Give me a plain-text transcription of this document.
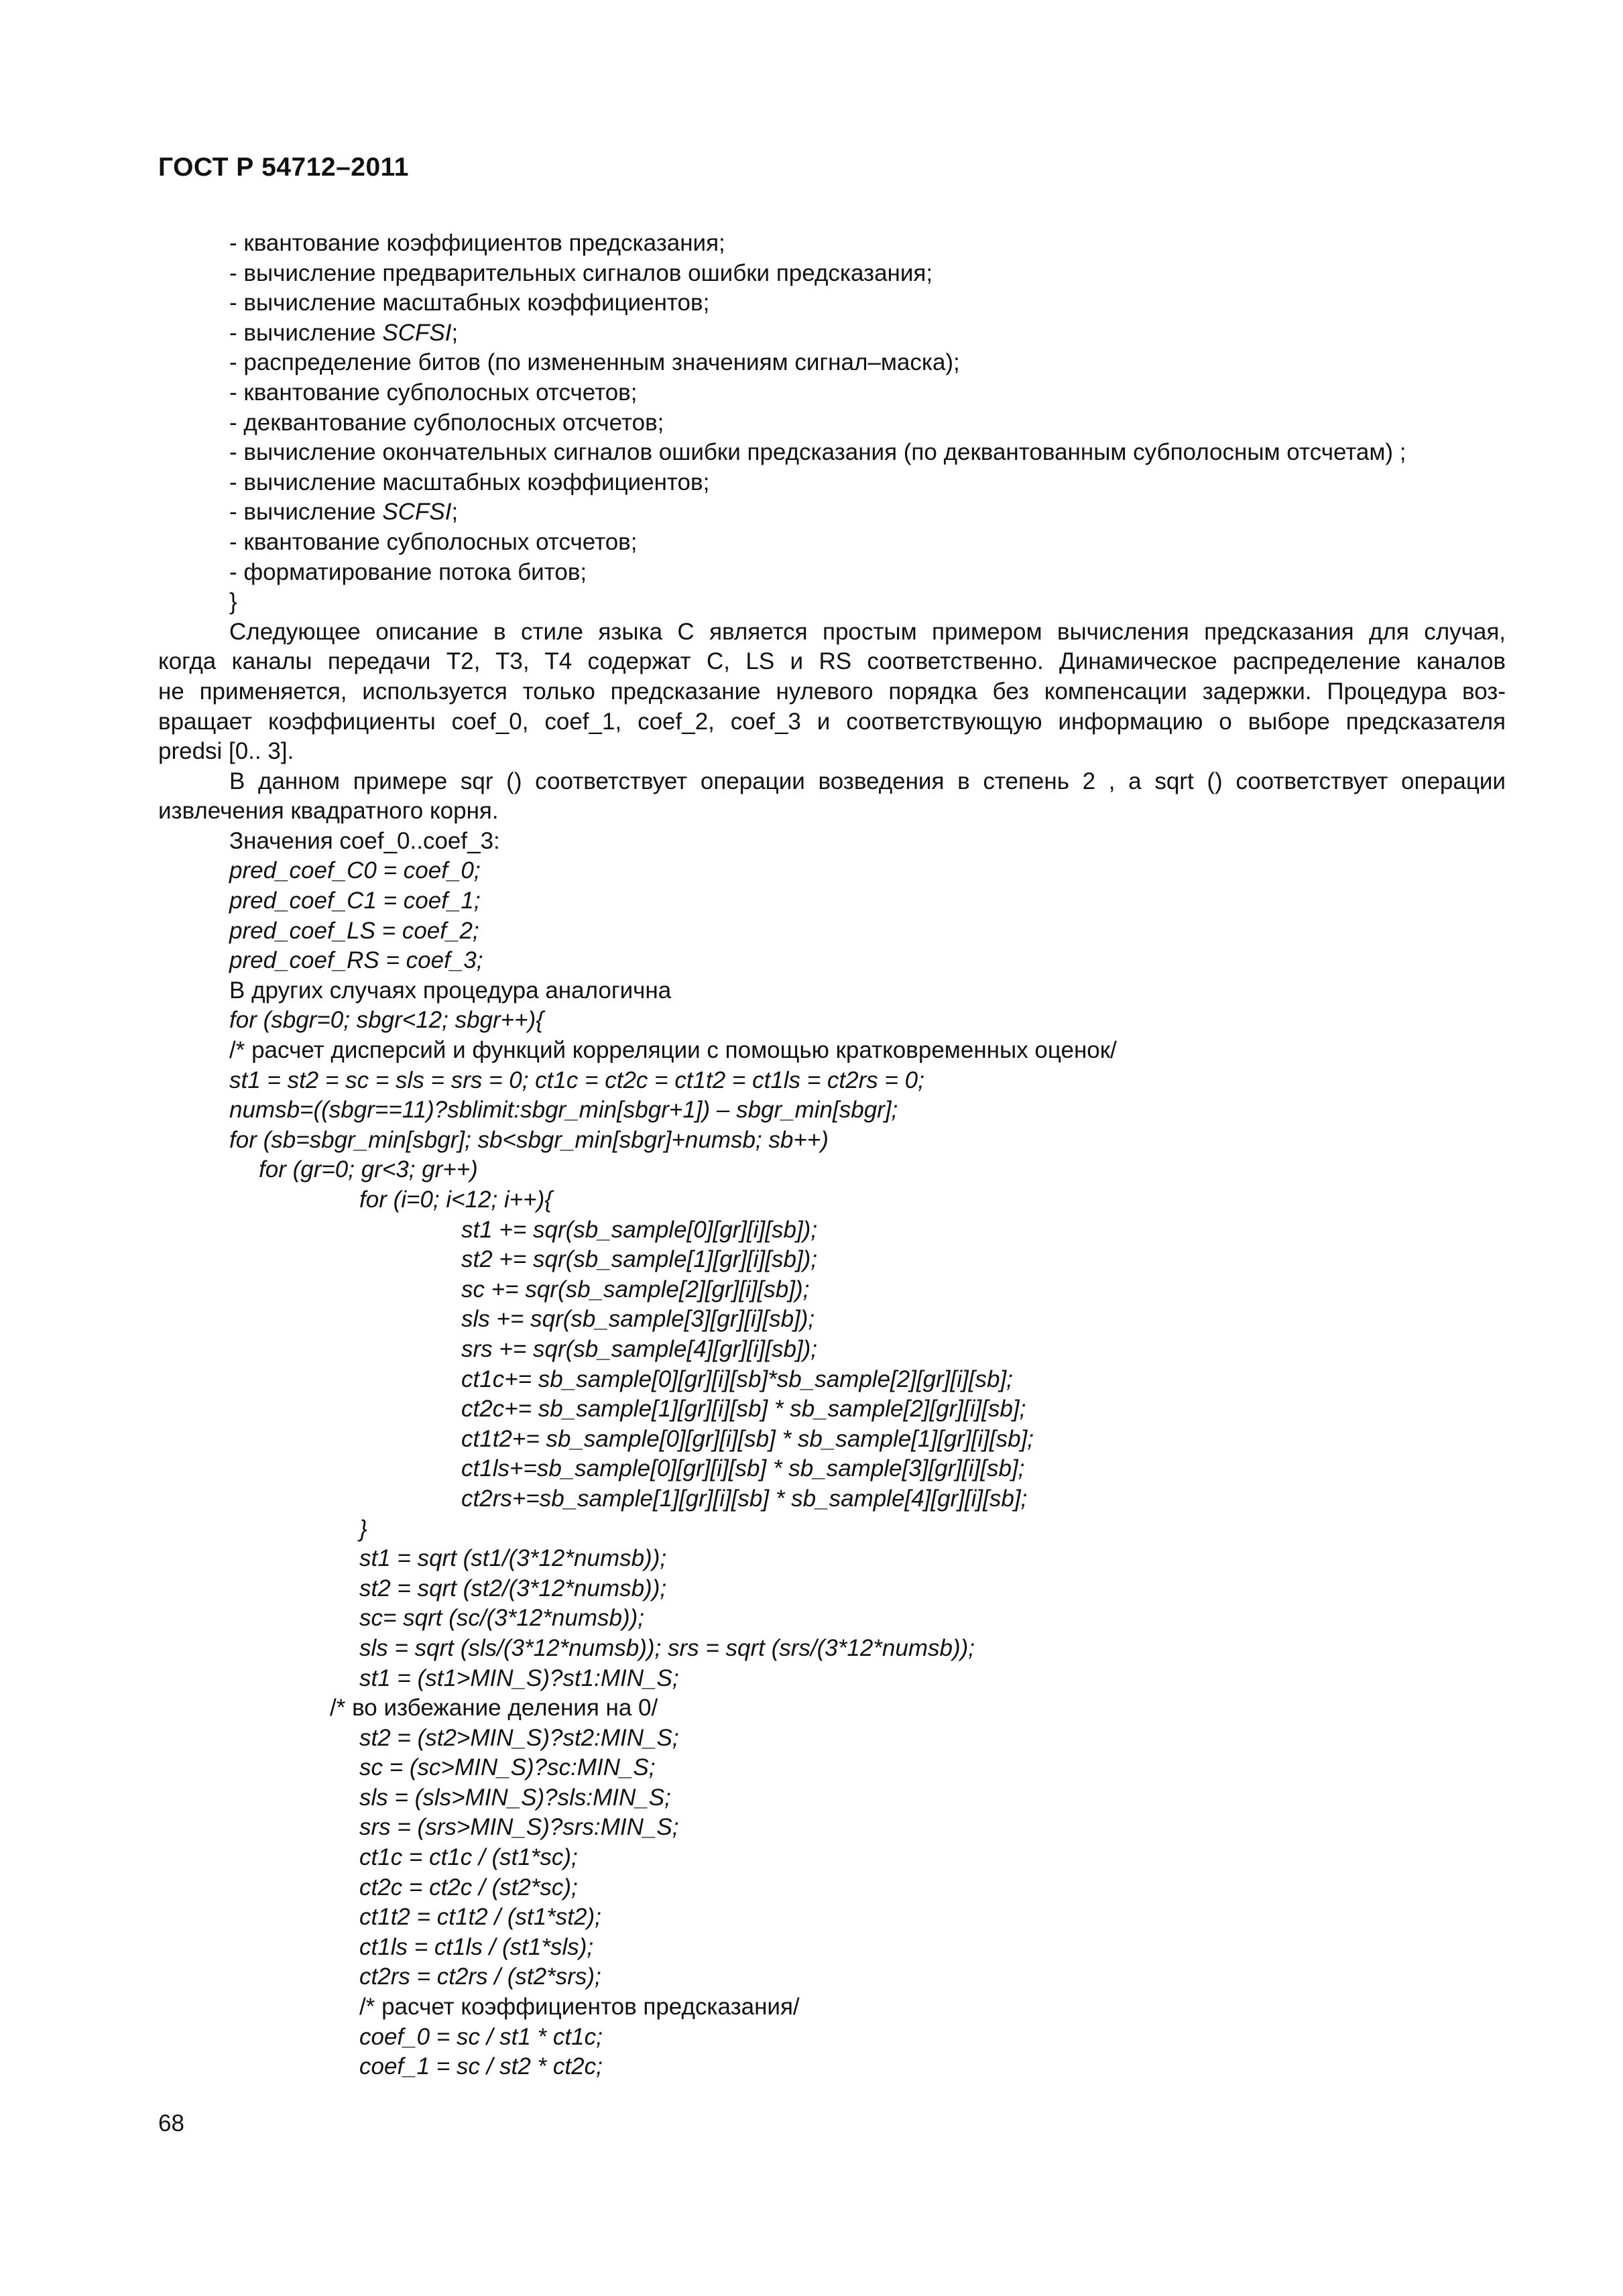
ГОСТ Р 54712–2011
- квантование коэффициентов предсказания;
- вычисление предварительных сигналов ошибки предсказания;
- вычисление масштабных коэффициентов;
- вычисление SCFSI;
- распределение битов (по измененным значениям сигнал–маска);
- квантование субполосных отсчетов;
- деквантование субполосных отсчетов;
- вычисление окончательных сигналов ошибки предсказания (по деквантованным субполосным отсчетам) ;
- вычисление масштабных коэффициентов;
- вычисление SCFSI;
- квантование субполосных отсчетов;
- форматирование потока битов;
}
Следующее описание в стиле языка C является простым примером вычисления предсказания для случая,
когда каналы передачи T2, T3, T4 содержат C, LS и RS соответственно. Динамическое распределение каналов
не применяется, используется только предсказание нулевого порядка без компенсации задержки. Процедура воз-
вращает коэффициенты coef_0, coef_1, coef_2, coef_3 и соответствующую информацию о выборе предсказателя
predsi [0.. 3].
В данном примере sqr () соответствует операции возведения в степень 2 , а sqrt () соответствует операции
извлечения квадратного корня.
Значения coef_0..coef_3:
pred_coef_C0 = coef_0;
pred_coef_C1 = coef_1;
pred_coef_LS = coef_2;
pred_coef_RS = coef_3;
В других случаях процедура аналогична
for (sbgr=0; sbgr<12; sbgr++){
/* расчет дисперсий и функций корреляции с помощью кратковременных оценок/
st1 = st2 = sc = sls = srs = 0; ct1c = ct2c = ct1t2 = ct1ls = ct2rs = 0;
numsb=((sbgr==11)?sblimit:sbgr_min[sbgr+1]) – sbgr_min[sbgr];
for (sb=sbgr_min[sbgr]; sb<sbgr_min[sbgr]+numsb; sb++)
for (gr=0; gr<3; gr++)
for (i=0; i<12; i++){
st1 += sqr(sb_sample[0][gr][i][sb]);
st2 += sqr(sb_sample[1][gr][i][sb]);
sc += sqr(sb_sample[2][gr][i][sb]);
sls += sqr(sb_sample[3][gr][i][sb]);
srs += sqr(sb_sample[4][gr][i][sb]);
ct1c+= sb_sample[0][gr][i][sb]*sb_sample[2][gr][i][sb];
ct2c+= sb_sample[1][gr][i][sb] * sb_sample[2][gr][i][sb];
ct1t2+= sb_sample[0][gr][i][sb] * sb_sample[1][gr][i][sb];
ct1ls+=sb_sample[0][gr][i][sb] * sb_sample[3][gr][i][sb];
ct2rs+=sb_sample[1][gr][i][sb] * sb_sample[4][gr][i][sb];
}
st1 = sqrt (st1/(3*12*numsb));
st2 = sqrt (st2/(3*12*numsb));
sc= sqrt (sc/(3*12*numsb));
sls = sqrt (sls/(3*12*numsb)); srs = sqrt (srs/(3*12*numsb));
st1 = (st1>MIN_S)?st1:MIN_S;
/* во избежание деления на 0/
st2 = (st2>MIN_S)?st2:MIN_S;
sc = (sc>MIN_S)?sc:MIN_S;
sls = (sls>MIN_S)?sls:MIN_S;
srs = (srs>MIN_S)?srs:MIN_S;
ct1c = ct1c / (st1*sc);
ct2c = ct2c / (st2*sc);
ct1t2 = ct1t2 / (st1*st2);
ct1ls = ct1ls / (st1*sls);
ct2rs = ct2rs / (st2*srs);
/* расчет коэффициентов предсказания/
coef_0 = sc / st1 * ct1c;
coef_1 = sc / st2 * ct2c;
68
